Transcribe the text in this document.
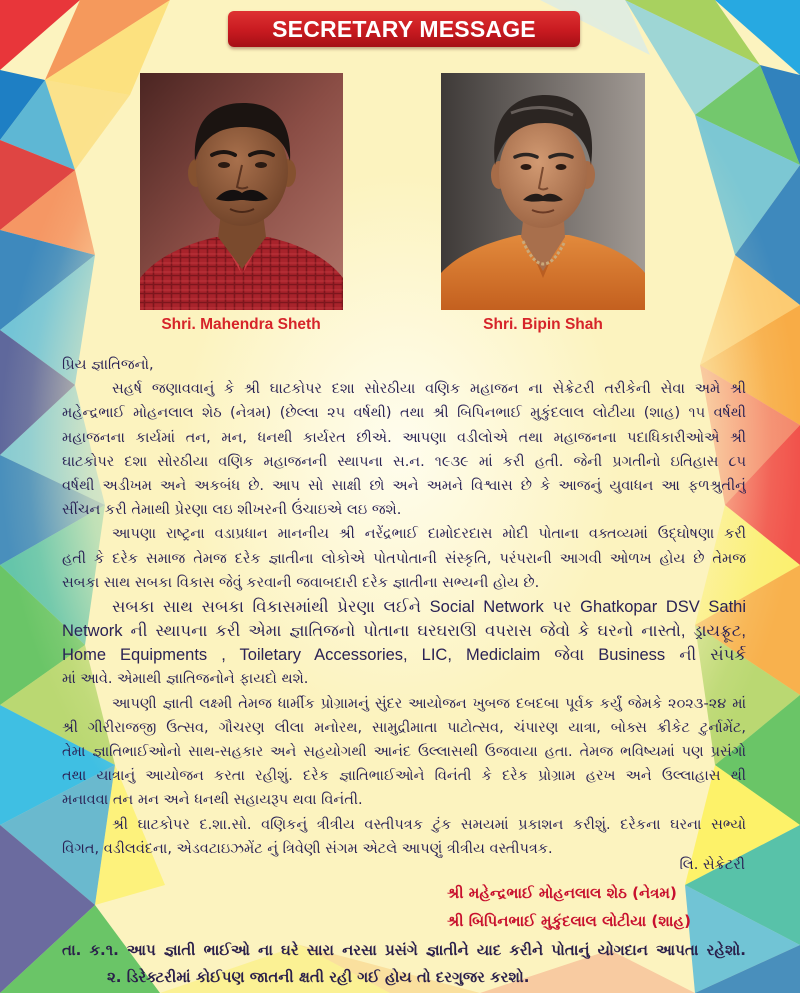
SECRETARY MESSAGE
Shri. Mahendra Sheth	Shri. Bipin Shah
પ્રિય જ્ઞાતિજનો,
સહર્ષ જણાવવાનું કે શ્રી ઘાટકોપર દશા સોરઠીયા વણિક મહાજન ના સેક્રેટરી તરીકેની સેવા અમે શ્રી
મહેન્દ્રભાઈ મોહનલાલ શેઠ (નેત્રમ) (છેલ્લા ૨૫ વર્ષથી) તથા શ્રી બિપિનભાઈ મુકુંદલાલ લોટીયા (શાહ) ૧૫ વર્ષથી
મહાજનના કાર્યમાં તન, મન, ધનથી કાર્યરત છીએ. આપણા વડીલોએ તથા મહાજનના પદાધિકારીઓએ શ્રી
ઘાટકોપર દશા સોરઠીયા વણિક મહાજનની સ્થાપના સ.ન. ૧૯૩૯ માં કરી હતી. જેની પ્રગતીનો ઇતિહાસ ૮૫
વર્ષથી અડીખમ અને અકબંધ છે. આપ સો સાક્ષી છો અને અમને વિશ્વાસ છે કે આજનું યુવાધન આ ફળશ્રુતીનું
સીંચન કરી તેમાથી પ્રેરણા લઇ શીખરની ઉંચાઇએ લઇ જશે.
આપણા રાષ્ટ્રના વડાપ્રધાન માનનીય શ્રી નરેંદ્રભાઈ દામોદરદાસ મોદી પોતાના વક્તવ્યમાં ઉદ્ઘોષણા કરી
હતી કે દરેક સમાજ તેમજ દરેક જ્ઞાતીના લોકોએ પોતપોતાની સંસ્કૃતિ, પરંપરાની આગવી ઓળખ હોય છે તેમજ
સબકા સાથ સબકા વિકાસ જેવું કરવાની જવાબદારી દરેક જ્ઞાતીના સભ્યની હોય છે.
સબકા સાથ સબકા વિકાસમાંથી પ્રેરણા લઈને Social Network પર Ghatkopar DSV Sathi
Network ની સ્થાપના કરી એમા જ્ઞાતિજનો પોતાના ઘરઘરાઊ વપરાસ જેવો કે ઘરનો નાસ્તો, ડ્રાયફ્રૂટ,
Home Equipments , Toiletary Accessories, LIC, Mediclaim જેવા Business ની સંપર્ક
માં આવે. એમાથી જ્ઞાતિજનોને ફાયદો થશે.
આપણી જ્ઞાતી લક્ષ્મી તેમજ ધાર્મીક પ્રોગ્રામનું સુંદર આયોજન ખુબજ દબદબા પૂર્વક કર્યું જેમકે ૨૦૨૩-૨૪ માં
શ્રી ગીરીરાજજી ઉત્સવ, ગૌચરણ લીલા મનોરથ, સામુદ્રીમાતા પાટોત્સવ, ચંપારણ યાત્રા, બોક્સ ક્રીકેટ ટુર્નામેંટ,
તેમા જ્ઞાતિભાઈઓનો સાથ-સહકાર અને સહયોગથી આનંદ ઉલ્લાસથી ઉજવાયા હતા. તેમજ ભવિષ્યમાં પણ પ્રસંગો
તથા યાત્રાનું આયોજન કરતા રહીશું. દરેક જ્ઞાતિભાઈઓને વિનંતી કે દરેક પ્રોગ્રામ હરખ અને ઉલ્લાહાસ થી
મનાવવા તન મન અને ધનથી સહાયરૂપ થવા વિનંતી.
શ્રી ઘાટકોપર દ.શા.સો. વણિકનું ત્રીત્રીય વસ્તીપત્રક ટુંક સમયમાં પ્રકાશન કરીશું. દરેકના ઘરના સભ્યો
વિગત, વડીલવંદના, એડવટાઇઝમેંટ નું ત્રિવેણી સંગમ એટલે આપણું ત્રીત્રીય વસ્તીપત્રક.
લિ. સેક્રેટરી
શ્રી મહેન્દ્રભાઈ મોહનલાલ શેઠ (નેત્રમ)
શ્રી બિપિનભાઈ મુકુંદલાલ લોટીયા (શાહ)
તા. ક.૧. આપ જ્ઞાતી ભાઈઓ ના ઘરે સારા નરસા પ્રસંગે જ્ઞાતીને યાદ કરીને પોતાનું યોગદાન આપતા રહેશો.
૨. ડિરેક્ટરીમાં કોઈપણ જાતની ક્ષતી રહી ગઈ હોય તો દરગુજર કરશો.
